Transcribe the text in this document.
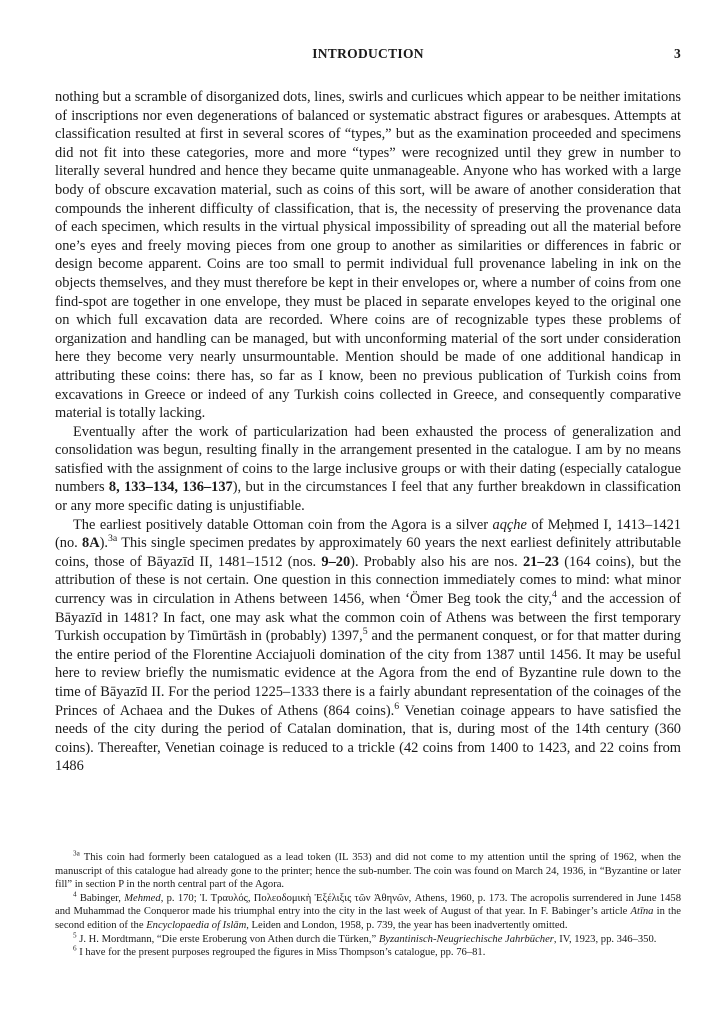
INTRODUCTION	3

nothing but a scramble of disorganized dots, lines, swirls and curlicues which appear to be neither imitations of inscriptions nor even degenerations of balanced or systematic abstract figures or arabesques. Attempts at classification resulted at first in several scores of “types,” but as the examination proceeded and specimens did not fit into these categories, more and more “types” were recognized until they grew in number to literally several hundred and hence they became quite unmanageable. Anyone who has worked with a large body of obscure excavation material, such as coins of this sort, will be aware of another consideration that compounds the inherent difficulty of classification, that is, the necessity of preserving the provenance data of each specimen, which results in the virtual physical impossibility of spreading out all the material before one’s eyes and freely moving pieces from one group to another as similarities or differences in fabric or design become apparent. Coins are too small to permit individual full provenance labeling in ink on the objects themselves, and they must therefore be kept in their envelopes or, where a number of coins from one find-spot are together in one envelope, they must be placed in separate envelopes keyed to the original one on which full excavation data are recorded. Where coins are of recognizable types these problems of organization and handling can be managed, but with unconforming material of the sort under consideration here they become very nearly unsurmountable. Mention should be made of one additional handicap in attributing these coins: there has, so far as I know, been no previous publication of Turkish coins from excavations in Greece or indeed of any Turkish coins collected in Greece, and consequently comparative material is totally lacking.

Eventually after the work of particularization had been exhausted the process of generalization and consolidation was begun, resulting finally in the arrangement presented in the catalogue. I am by no means satisfied with the assignment of coins to the large inclusive groups or with their dating (especially catalogue numbers 8, 133–134, 136–137), but in the circumstances I feel that any further breakdown in classification or any more specific dating is unjustifiable.

The earliest positively datable Ottoman coin from the Agora is a silver aqçhe of Meḥmed I, 1413–1421 (no. 8A).$^{3a}$ This single specimen predates by approximately 60 years the next earliest definitely attributable coins, those of Bāyazīd II, 1481–1512 (nos. 9–20). Probably also his are nos. 21–23 (164 coins), but the attribution of these is not certain. One question in this connection immediately comes to mind: what minor currency was in circulation in Athens between 1456, when ‘Ömer Beg took the city,$^4$ and the accession of Bāyazīd in 1481? In fact, one may ask what the common coin of Athens was between the first temporary Turkish occupation by Timūrtāsh in (probably) 1397,$^5$ and the permanent conquest, or for that matter during the entire period of the Florentine Acciajuoli domination of the city from 1387 until 1456. It may be useful here to review briefly the numismatic evidence at the Agora from the end of Byzantine rule down to the time of Bāyazīd II. For the period 1225–1333 there is a fairly abundant representation of the coinages of the Princes of Achaea and the Dukes of Athens (864 coins).$^6$ Venetian coinage appears to have satisfied the needs of the city during the period of Catalan domination, that is, during most of the 14th century (360 coins). Thereafter, Venetian coinage is reduced to a trickle (42 coins from 1400 to 1423, and 22 coins from 1486

$^{3a}$ This coin had formerly been catalogued as a lead token (IL 353) and did not come to my attention until the spring of 1962, when the manuscript of this catalogue had already gone to the printer; hence the sub-number. The coin was found on March 24, 1936, in “Byzantine or later fill” in section P in the north central part of the Agora.

$^4$ Babinger, Mehmed, p. 170; Ἰ. Τραυλός, Πολεοδομικὴ Ἐξέλιξις τῶν Ἀθηνῶν, Athens, 1960, p. 173. The acropolis surrendered in June 1458 and Muhammad the Conqueror made his triumphal entry into the city in the last week of August of that year. In F. Babinger’s article Atīna in the second edition of the Encyclopaedia of Islām, Leiden and London, 1958, p. 739, the year has been inadvertently omitted.

$^5$ J. H. Mordtmann, “Die erste Eroberung von Athen durch die Türken,” Byzantinisch-Neugriechische Jahrbücher, IV, 1923, pp. 346–350.

$^6$ I have for the present purposes regrouped the figures in Miss Thompson’s catalogue, pp. 76–81.
